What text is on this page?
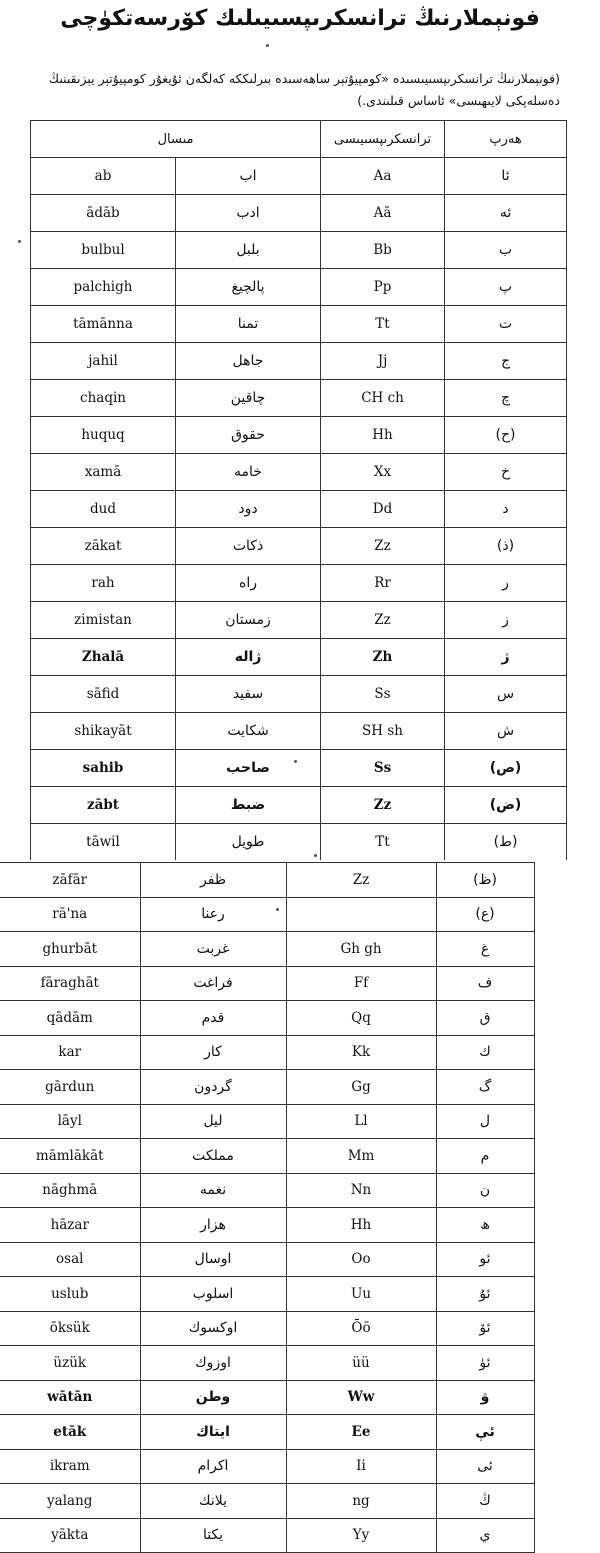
فونېملارنىڭ ترانسكرىپسىيىلىك كۆرسەتكۈچى
(فونېملارنىڭ ترانسكرىپسىيىسىدە «كومپيۇتېر ساھەسىدە بىرلىككە كەلگەن ئۇيغۇر كومپيۇتېر يېزىقىنىڭ دەسلەپكى لايىھىسى» ئاساس قىلىندى.)
مىسال		ترانسكرىپسىيىسى	ھەرپ
ab	اب	Aa	ئا
ādāb	ادب	Aā	ئە
bulbul	بلبل	Bb	ب
palchigh	پالچيغ	Pp	پ
tāmānna	تمنا	Tt	ت
jahil	جاهل	Jj	ج
chaqin	چاقين	CH ch	چ
huquq	حقوق	Hh	(ح)
xamā	خامه	Xx	خ
dud	دود	Dd	د
zākat	ذكات	Zz	(ذ)
rah	راه	Rr	ر
zimistan	زمستان	Zz	ز
Zhalā	ژاله	Zh	ژ
sāfid	سفيد	Ss	س
shikayāt	شكايت	SH sh	ش
sahib	صاحب	Ss	(ص)
zābt	ضبط	Zz	(ض)
tāwil	طويل	Tt	(ط)
zāfār	ظفر	Zz	(ظ)
rā'na	رعنا		(ع)
ghurbāt	غربت	Gh gh	غ
fāraghāt	فراغت	Ff	ف
qādām	قدم	Qq	ق
kar	كار	Kk	ك
gārdun	گردون	Gg	گ
lāyl	ليل	Ll	ل
māmlākāt	مملكت	Mm	م
nāghmā	نغمه	Nn	ن
hāzar	هزار	Hh	ھ
osal	اوسال	Oo	ئو
uslub	اسلوب	Uu	ئۇ
ōksük	اوكسوك	Ōō	ئۆ
üzük	اوزوك	üü	ئۈ
wātān	وطن	Ww	ۋ
etāk	ايتاك	Ee	ئې
ikram	اكرام	Ii	ئى
yalang	يلانك	ng	ڭ
yākta	يكتا	Yy	ي
